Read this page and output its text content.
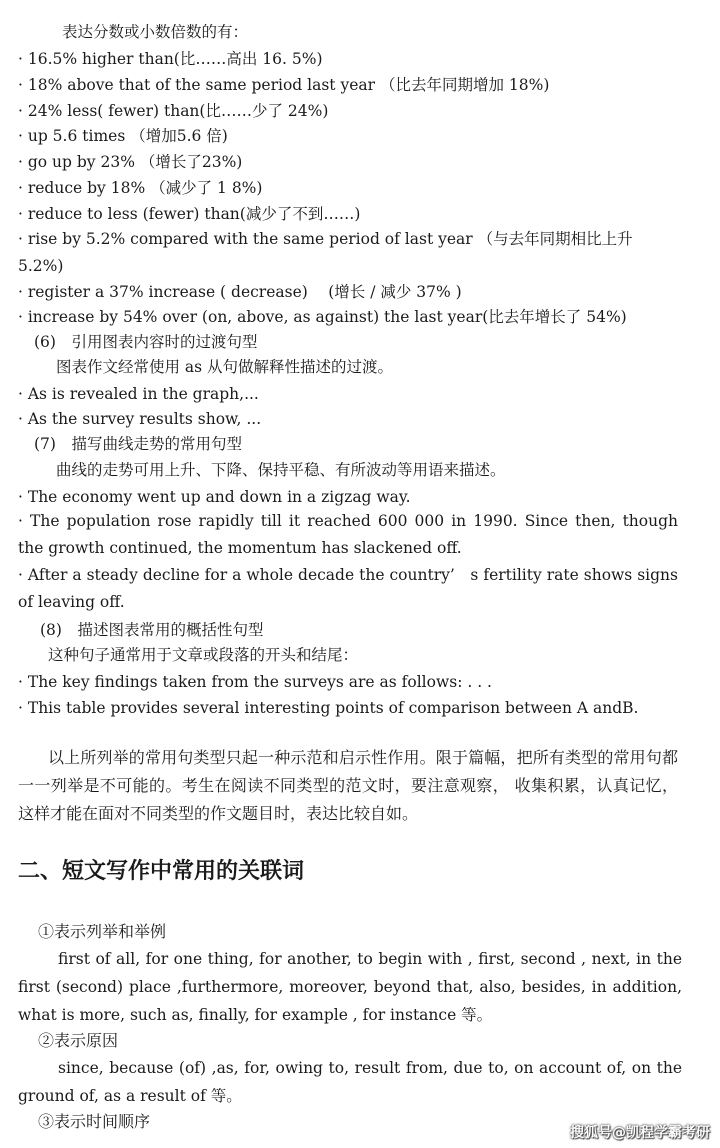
表达分数或小数倍数的有：
· 16.5% higher than(比……高出 16. 5%)
· 18% above that of the same period last year （比去年同期增加 18%)
· 24% less( fewer) than(比……少了 24%)
· up 5.6 times （增加5.6 倍)
· go up by 23% （增长了23%)
· reduce by 18% （减少了 1 8%)
· reduce to less (fewer) than(减少了不到……)
· rise by 5.2% compared with the same period of last year （与去年同期相比上升 5.2%)
· register a 37% increase ( decrease)　 (增长 / 减少 37% )
· increase by 54% over (on, above, as against) the last year(比去年增长了 54%)
(6)　引用图表内容时的过渡句型
图表作文经常使用 as 从句做解释性描述的过渡。
· As is revealed in the graph,...
· As the survey results show, ...
(7)　描写曲线走势的常用句型
曲线的走势可用上升、下降、保持平稳、有所波动等用语来描述。
· The economy went up and down in a zigzag way.
· The population rose rapidly till it reached 600 000 in 1990. Since then, though the growth continued, the momentum has slackened off.
· After a steady decline for a whole decade the country’　s fertility rate shows signs of leaving off.
(8)　描述图表常用的概括性句型
这种句子通常用于文章或段落的开头和结尾：
· The key findings taken from the surveys are as follows: . . .
· This table provides several interesting points of comparison between A andB.
以上所列举的常用句类型只起一种示范和启示性作用。限于篇幅，把所有类型的常用句都一一列举是不可能的。考生在阅读不同类型的范文时，要注意观察， 收集积累，认真记忆，这样才能在面对不同类型的作文题目时，表达比较自如。
二、短文写作中常用的关联词
①表示列举和举例
first of all, for one thing, for another, to begin with , first, second , next, in the first (second) place ,furthermore, moreover, beyond that, also, besides, in addition, what is more, such as, finally, for example , for instance 等。
②表示原因
since, because (of) ,as, for, owing to, result from, due to, on account of, on the ground of, as a result of 等。
③表示时间顺序
搜狐号@凯程学霸考研
